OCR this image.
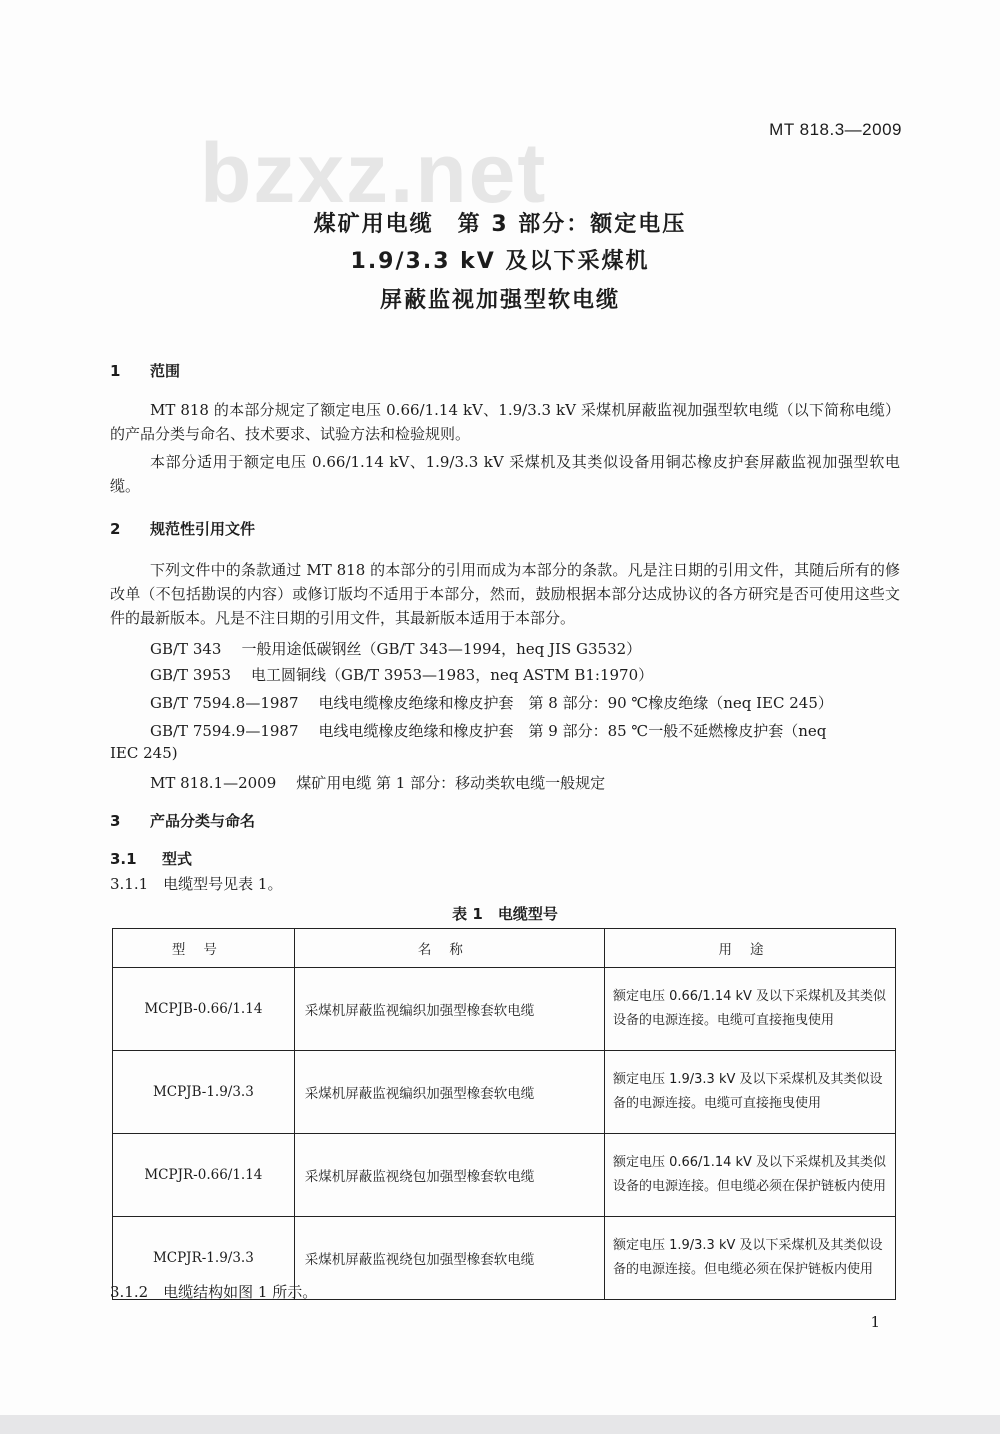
bzxz.net	MT 818.3—2009
煤矿用电缆　第 3 部分：额定电压
1.9/3.3 kV 及以下采煤机
屏蔽监视加强型软电缆
1 范围
MT 818 的本部分规定了额定电压 0.66/1.14 kV、1.9/3.3 kV 采煤机屏蔽监视加强型软电缆（以下简称电缆）的产品分类与命名、技术要求、试验方法和检验规则。
本部分适用于额定电压 0.66/1.14 kV、1.9/3.3 kV 采煤机及其类似设备用铜芯橡皮护套屏蔽监视加强型软电缆。
2 规范性引用文件
下列文件中的条款通过 MT 818 的本部分的引用而成为本部分的条款。凡是注日期的引用文件，其随后所有的修改单（不包括勘误的内容）或修订版均不适用于本部分，然而，鼓励根据本部分达成协议的各方研究是否可使用这些文件的最新版本。凡是不注日期的引用文件，其最新版本适用于本部分。
GB/T 343 一般用途低碳钢丝（GB/T 343—1994，heq JIS G3532）
GB/T 3953 电工圆铜线（GB/T 3953—1983，neq ASTM B1:1970）
GB/T 7594.8—1987 电线电缆橡皮绝缘和橡皮护套　第 8 部分：90 ℃橡皮绝缘（neq IEC 245）
GB/T 7594.9—1987 电线电缆橡皮绝缘和橡皮护套　第 9 部分：85 ℃一般不延燃橡皮护套（neq
IEC 245)
MT 818.1—2009 煤矿用电缆 第 1 部分：移动类软电缆一般规定
3 产品分类与命名
3.1 型式
3.1.1　电缆型号见表 1。
表 1　电缆型号
型号	名称	用途
MCPJB-0.66/1.14	采煤机屏蔽监视编织加强型橡套软电缆	额定电压 0.66/1.14 kV 及以下采煤机及其类似设备的电源连接。电缆可直接拖曳使用
MCPJB-1.9/3.3	采煤机屏蔽监视编织加强型橡套软电缆	额定电压 1.9/3.3 kV 及以下采煤机及其类似设备的电源连接。电缆可直接拖曳使用
MCPJR-0.66/1.14	采煤机屏蔽监视绕包加强型橡套软电缆	额定电压 0.66/1.14 kV 及以下采煤机及其类似设备的电源连接。但电缆必须在保护链板内使用
MCPJR-1.9/3.3	采煤机屏蔽监视绕包加强型橡套软电缆	额定电压 1.9/3.3 kV 及以下采煤机及其类似设备的电源连接。但电缆必须在保护链板内使用
3.1.2　电缆结构如图 1 所示。
1
